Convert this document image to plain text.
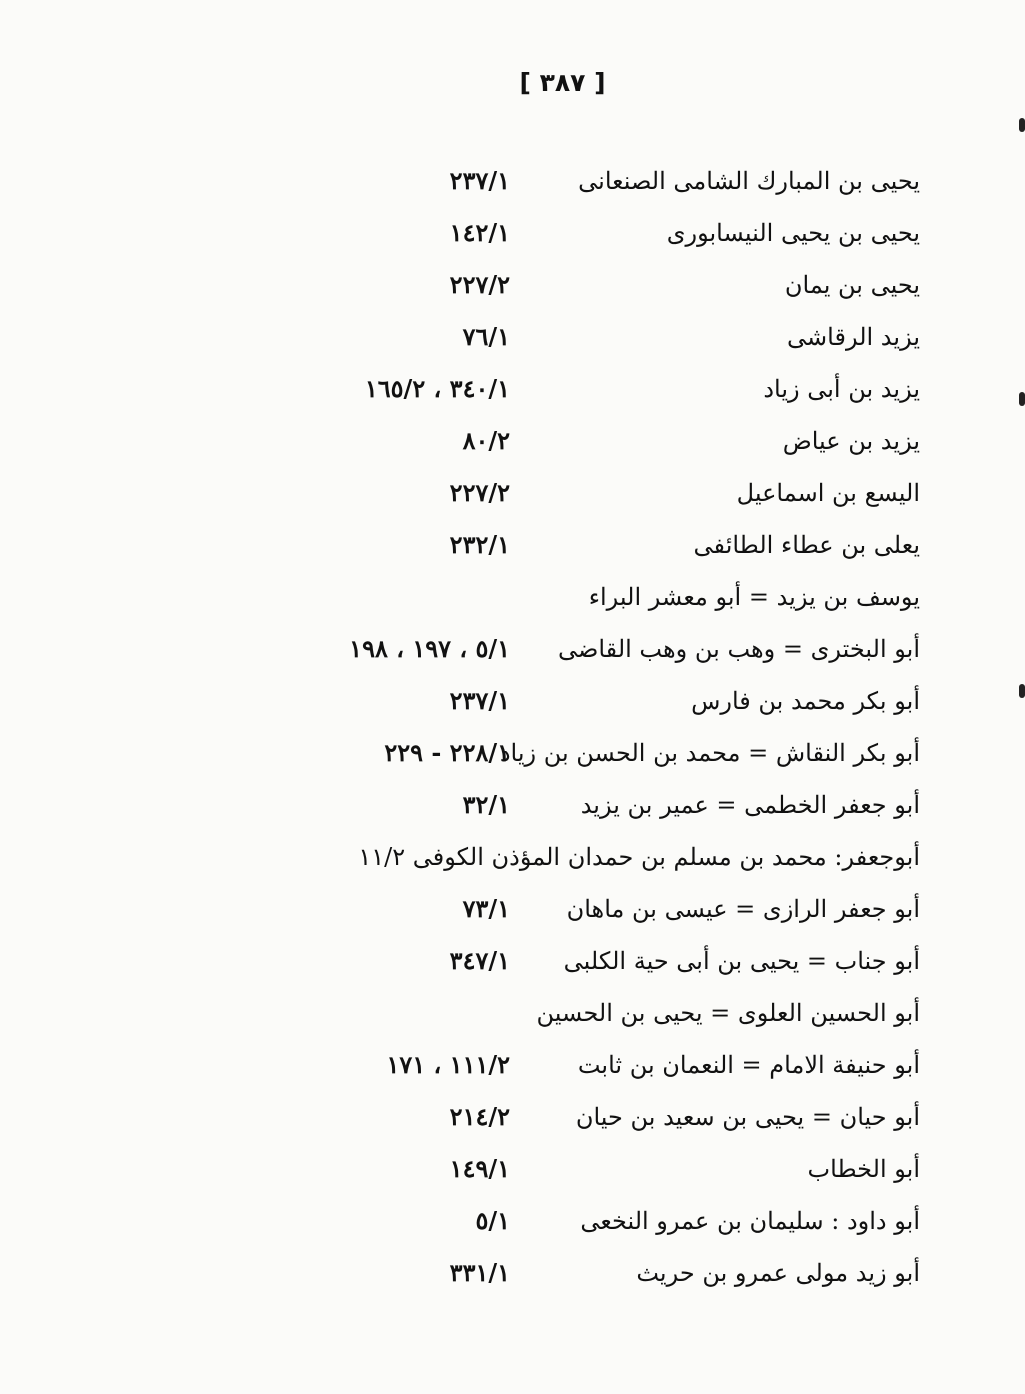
[ ٣٨٧ ]
يحيى بن المبارك الشامى الصنعانى
٢٣٧/١
يحيى بن يحيى النيسابورى
١٤٢/١
يحيى بن يمان
٢٢٧/٢
يزيد الرقاشى
٧٦/١
يزيد بن أبى زياد
٣٤٠/١ ، ١٦٥/٢
يزيد بن عياض
٨٠/٢
اليسع بن اسماعيل
٢٢٧/٢
يعلى بن عطاء الطائفى
٢٣٢/١
يوسف بن يزيد = أبو معشر البراء
أبو البخترى = وهب بن وهب القاضى
٥/١ ، ١٩٧ ، ١٩٨
أبو بكر محمد بن فارس
٢٣٧/١
أبو بكر النقاش = محمد بن الحسن بن زياد
٢٢٨/١ - ٢٢٩
أبو جعفر الخطمى = عمير بن يزيد
٣٢/١
أبوجعفر: محمد بن مسلم بن حمدان المؤذن الكوفى ١١/٢
أبو جعفر الرازى = عيسى بن ماهان
٧٣/١
أبو جناب = يحيى بن أبى حية الكلبى
٣٤٧/١
أبو الحسين العلوى = يحيى بن الحسين
أبو حنيفة الامام = النعمان بن ثابت
١١١/٢ ، ١٧١
أبو حيان = يحيى بن سعيد بن حيان
٢١٤/٢
أبو الخطاب
١٤٩/١
أبو داود : سليمان بن عمرو النخعى
٥/١
أبو زيد مولى عمرو بن حريث
٣٣١/١
